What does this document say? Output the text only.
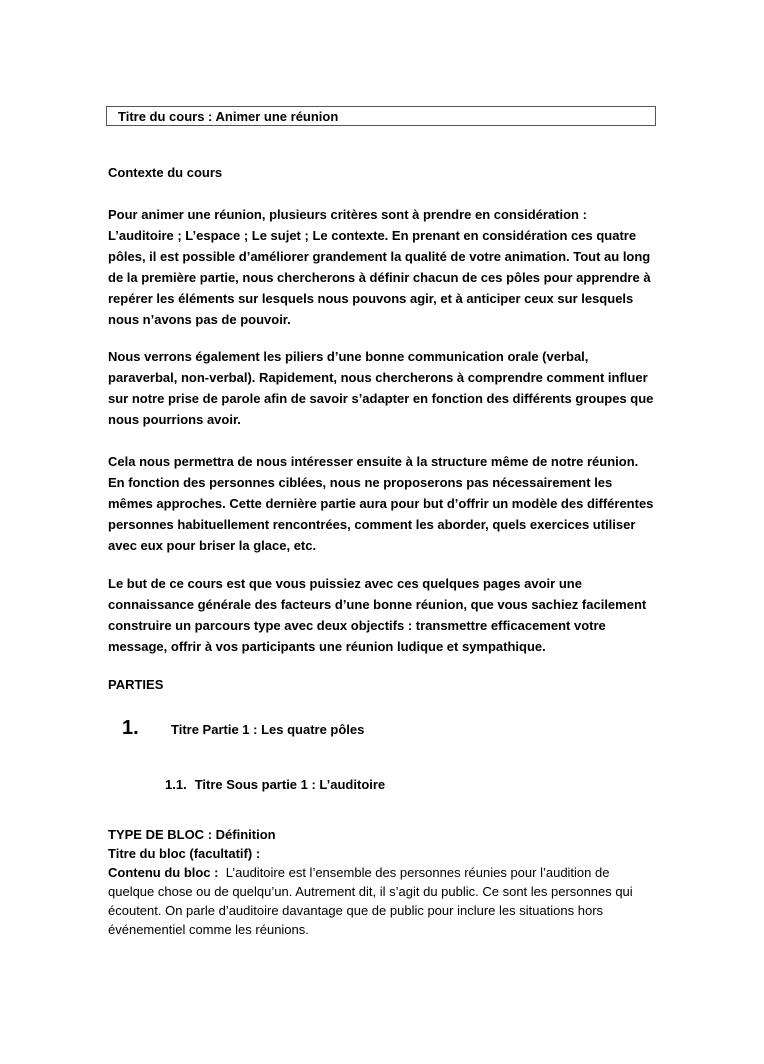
Titre du cours : Animer une réunion

Contexte du cours

Pour animer une réunion, plusieurs critères sont à prendre en considération : L’auditoire ; L’espace ; Le sujet ; Le contexte. En prenant en considération ces quatre pôles, il est possible d’améliorer grandement la qualité de votre animation. Tout au long de la première partie, nous chercherons à définir chacun de ces pôles pour apprendre à repérer les éléments sur lesquels nous pouvons agir, et à anticiper ceux sur lesquels nous n’avons pas de pouvoir.

Nous verrons également les piliers d’une bonne communication orale (verbal, paraverbal, non-verbal). Rapidement, nous chercherons à comprendre comment influer sur notre prise de parole afin de savoir s’adapter en fonction des différents groupes que nous pourrions avoir.

Cela nous permettra de nous intéresser ensuite à la structure même de notre réunion. En fonction des personnes ciblées, nous ne proposerons pas nécessairement les mêmes approches. Cette dernière partie aura pour but d’offrir un modèle des différentes personnes habituellement rencontrées, comment les aborder, quels exercices utiliser avec eux pour briser la glace, etc.

Le but de ce cours est que vous puissiez avec ces quelques pages avoir une connaissance générale des facteurs d’une bonne réunion, que vous sachiez facilement construire un parcours type avec deux objectifs : transmettre efficacement votre message, offrir à vos participants une réunion ludique et sympathique.

PARTIES

1. Titre Partie 1 : Les quatre pôles
1.1. Titre Sous partie 1 : L’auditoire

TYPE DE BLOC : Définition

Titre du bloc (facultatif) :

Contenu du bloc : L’auditoire est l’ensemble des personnes réunies pour l’audition de quelque chose ou de quelqu’un. Autrement dit, il s’agit du public. Ce sont les personnes qui écoutent. On parle d’auditoire davantage que de public pour inclure les situations hors événementiel comme les réunions.
